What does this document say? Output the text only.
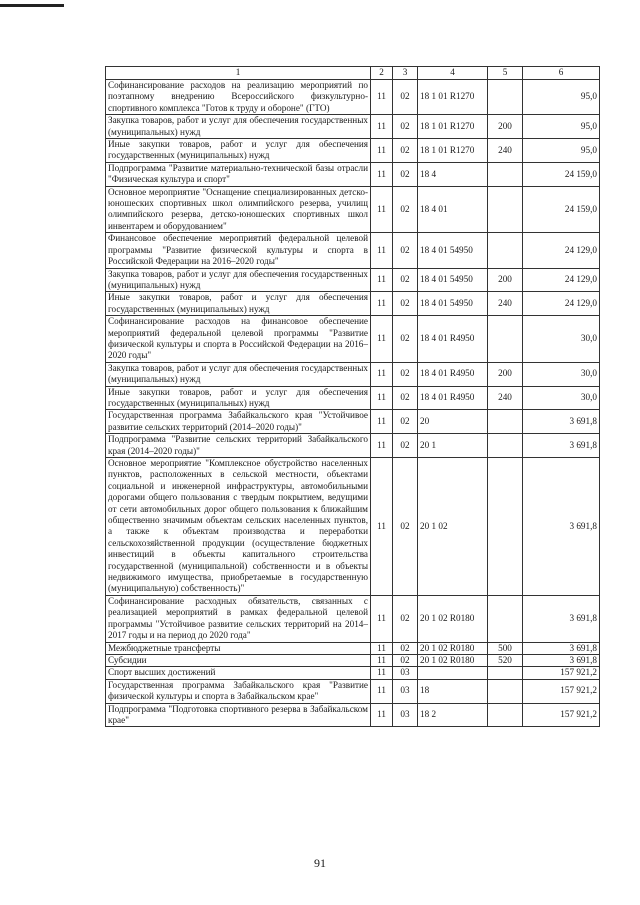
1	2	3	4	5	6
Софинансирование расходов на реализацию мероприятий по поэтапному внедрению Всероссийского физкультурно-спортивного комплекса "Готов к труду и обороне" (ГТО)	11	02	18 1 01 R1270		95,0
Закупка товаров, работ и услуг для обеспечения государственных (муниципальных) нужд	11	02	18 1 01 R1270	200	95,0
Иные закупки товаров, работ и услуг для обеспечения государственных (муниципальных) нужд	11	02	18 1 01 R1270	240	95,0
Подпрограмма "Развитие материально-технической базы отрасли "Физическая культура и спорт"	11	02	18 4		24 159,0
Основное мероприятие "Оснащение специализированных детско-юношеских спортивных школ олимпийского резерва, училищ олимпийского резерва, детско-юношеских спортивных школ инвентарем и оборудованием"	11	02	18 4 01		24 159,0
Финансовое обеспечение мероприятий федеральной целевой программы "Развитие физической культуры и спорта в Российской Федерации на 2016–2020 годы"	11	02	18 4 01 54950		24 129,0
Закупка товаров, работ и услуг для обеспечения государственных (муниципальных) нужд	11	02	18 4 01 54950	200	24 129,0
Иные закупки товаров, работ и услуг для обеспечения государственных (муниципальных) нужд	11	02	18 4 01 54950	240	24 129,0
Софинансирование расходов на финансовое обеспечение мероприятий федеральной целевой программы "Развитие физической культуры и спорта в Российской Федерации на 2016–2020 годы"	11	02	18 4 01 R4950		30,0
Закупка товаров, работ и услуг для обеспечения государственных (муниципальных) нужд	11	02	18 4 01 R4950	200	30,0
Иные закупки товаров, работ и услуг для обеспечения государственных (муниципальных) нужд	11	02	18 4 01 R4950	240	30,0
Государственная программа Забайкальского края "Устойчивое развитие сельских территорий (2014–2020 годы)"	11	02	20		3 691,8
Подпрограмма "Развитие сельских территорий Забайкальского края (2014–2020 годы)"	11	02	20 1		3 691,8
Основное мероприятие "Комплексное обустройство населенных пунктов, расположенных в сельской местности, объектами социальной и инженерной инфраструктуры, автомобильными дорогами общего пользования с твердым покрытием, ведущими от сети автомобильных дорог общего пользования к ближайшим общественно значимым объектам сельских населенных пунктов, а также к объектам производства и переработки сельскохозяйственной продукции (осуществление бюджетных инвестиций в объекты капитального строительства государственной (муниципальной) собственности и в объекты недвижимого имущества, приобретаемые в государственную (муниципальную) собственность)"	11	02	20 1 02		3 691,8
Софинансирование расходных обязательств, связанных с реализацией мероприятий в рамках федеральной целевой программы "Устойчивое развитие сельских территорий на 2014–2017 годы и на период до 2020 года"	11	02	20 1 02 R0180		3 691,8
Межбюджетные трансферты	11	02	20 1 02 R0180	500	3 691,8
Субсидии	11	02	20 1 02 R0180	520	3 691,8
Спорт высших достижений	11	03			157 921,2
Государственная программа Забайкальского края "Развитие физической культуры и спорта в Забайкальском крае"	11	03	18		157 921,2
Подпрограмма "Подготовка спортивного резерва в Забайкальском крае"	11	03	18 2		157 921,2
91
